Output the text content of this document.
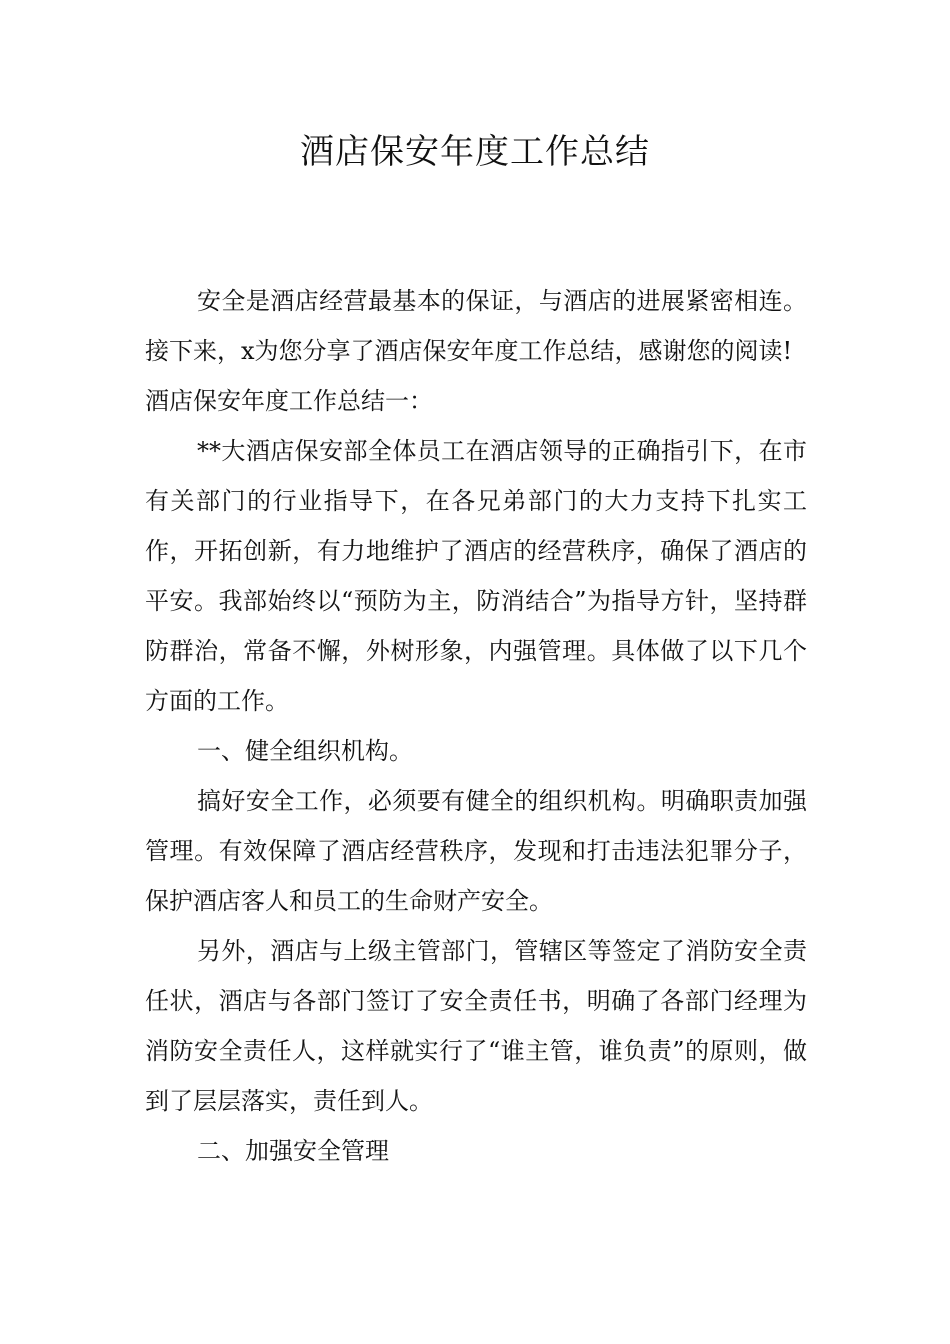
酒店保安年度工作总结

安全是酒店经营最基本的保证，与酒店的进展紧密相连。接下来，x为您分享了酒店保安年度工作总结，感谢您的阅读!

酒店保安年度工作总结一：

**大酒店保安部全体员工在酒店领导的正确指引下，在市有关部门的行业指导下，在各兄弟部门的大力支持下扎实工作，开拓创新，有力地维护了酒店的经营秩序，确保了酒店的平安。我部始终以“预防为主，防消结合”为指导方针，坚持群防群治，常备不懈，外树形象，内强管理。具体做了以下几个方面的工作。

一、健全组织机构。

搞好安全工作，必须要有健全的组织机构。明确职责加强管理。有效保障了酒店经营秩序，发现和打击违法犯罪分子，保护酒店客人和员工的生命财产安全。

另外，酒店与上级主管部门，管辖区等签定了消防安全责任状，酒店与各部门签订了安全责任书，明确了各部门经理为消防安全责任人，这样就实行了“谁主管，谁负责”的原则，做到了层层落实，责任到人。

二、加强安全管理
